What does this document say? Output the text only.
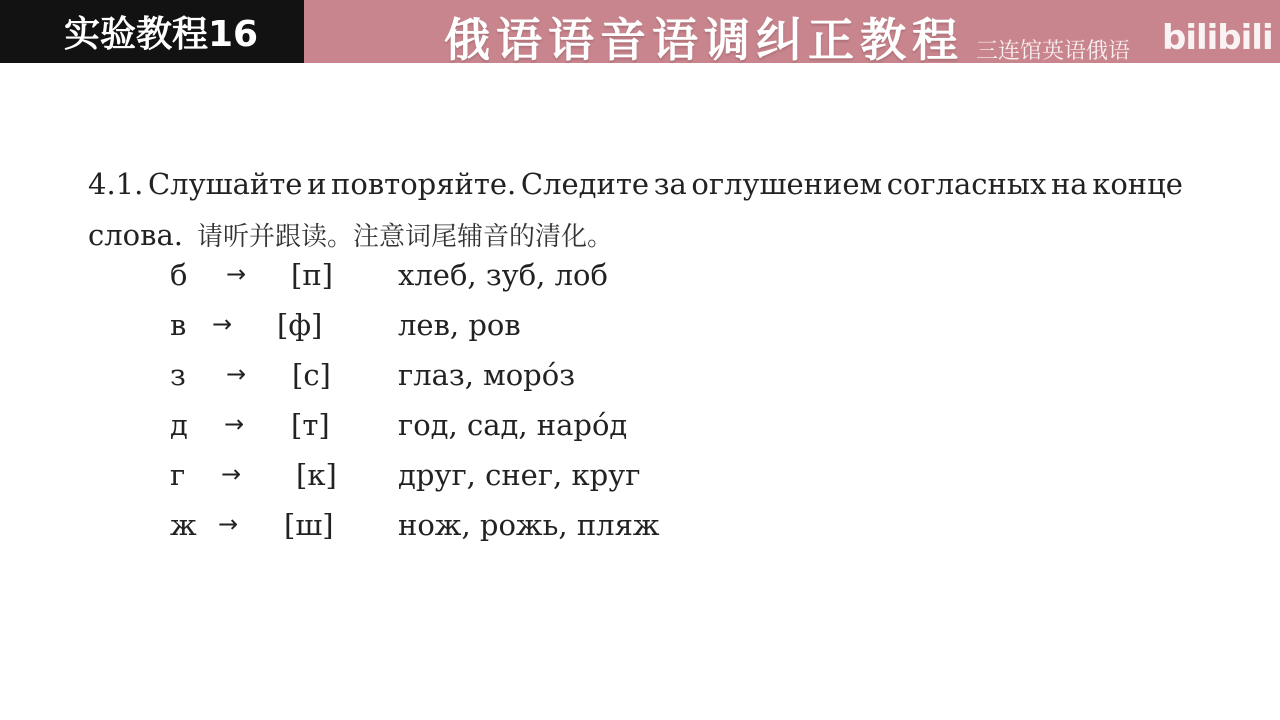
实验教程16	俄语语音语调纠正教程 三连馆英语俄语 bilibili
4.1. Слушайте и повторяйте. Следите за оглушением согласных на конце
слова. 请听并跟读。注意词尾辅音的清化。
б → [п] хлеб, зуб, лоб
в → [ф]	лев, ров
з → [с] глаз, моро́з
д → [т] год, сад, наро́д
г → [к] друг, снег, круг
ж → [ш] нож, рожь, пляж
